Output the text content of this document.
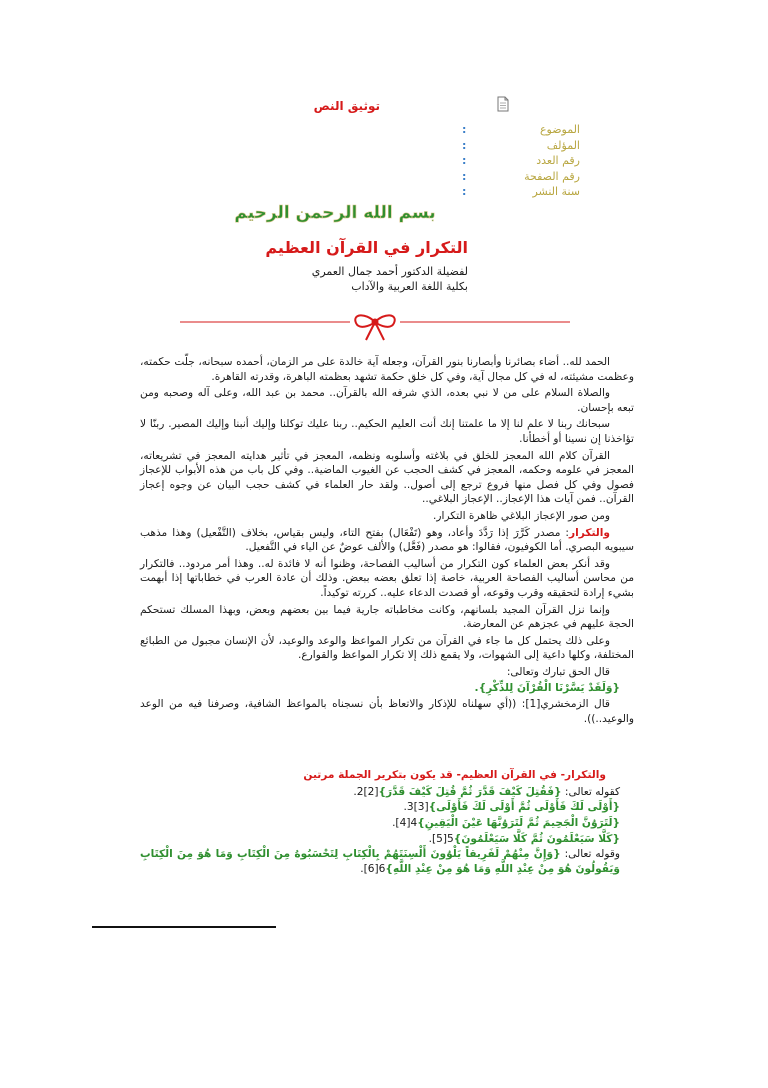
توثيق النص
الموضوع
:
المؤلف
:
رقم العدد
:
رقم الصفحة
:
سنة النشر
:
بسم الله الرحمن الرحيم
التكرار في القرآن العظيم
لفضيلة الدكتور أحمد جمال العمري
بكلية اللغة العربية والآداب

الحمد لله.. أضاء بصائرنا وأبصارنا بنور القرآن، وجعله آية خالدة على مر الزمان، أحمده سبحانه، جلّت حكمته، وعظمت مشيئته، له في كل مجال آية، وفي كل خلق حكمة تشهد بعظمته الباهرة، وقدرته القاهرة.

والصلاة السلام على من لا نبي بعده، الذي شرفه الله بالقرآن.. محمد بن عبد الله، وعلى آله وصحبه ومن تبعه بإحسان.

سبحانك ربنا لا علم لنا إلا ما علمتنا إنك أنت العليم الحكيم.. ربنا عليك توكلنا وإليك أنبنا وإليك المصير. ربنّا لا تؤاخذنا إن نسينا أو أخطأنا.

القرآن كلام الله المعجز للخلق في بلاغته وأسلوبه ونظمه، المعجز في تأثير هدايته المعجز في تشريعاته، المعجز في علومه وحكمه، المعجز في كشف الحجب عن الغيوب الماضية.. وفي كل باب من هذه الأبواب للإعجاز فصول وفي كل فصل منها فروع ترجع إلى أصول.. ولقد حار العلماء في كشف حجب البيان عن وجوه إعجاز القرآن.. فمن آيات هذا الإعجاز.. الإعجاز البلاغي..

ومن صور الإعجاز البلاغي ظاهرة التكرار.

والتكرار: مصدر كَرَّرَ إذا رَدَّدَ وأعاد، وهو (تَفْعَال) بفتح التاء، وليس بقياس، بخلاف (التَّفْعيل) وهذا مذهب سيبويه البصري. أما الكوفيون، فقالوا: هو مصدر (فَعَّل) والألف عوضٌ عن الياء في التَّفعيل.

وقد أنكر بعض العلماء كون التكرار من أساليب الفصاحة، وظنوا أنه لا فائدة له.. وهذا أمر مردود.. فالتكرار من محاسن أساليب الفصاحة العربية، خاصة إذا تعلق بعضه ببعض. وذلك أن عادة العرب في خطاباتها إذا أبهمت بشيء إرادة لتحقيقه وقرب وقوعه، أو قصدت الدعاء عليه.. كررته توكيداً.

وإنما نزل القرآن المجيد بلسانهم، وكانت مخاطباته جارية فيما بين بعضهم وبعض، وبهذا المسلك تستحكم الحجة عليهم في عجزهم عن المعارضة.

وعلى ذلك يحتمل كل ما جاء في القرآن من تكرار المواعظ والوعد والوعيد، لأن الإنسان مجبول من الطبائع المختلفة، وكلها داعية إلى الشهوات، ولا يقمع ذلك إلا تكرار المواعظ والقوارع.

قال الحق تبارك وتعالى:

{وَلَقَدْ يَسَّرْنَا الْقُرْآنَ لِلذِّكْرِ}.

قال الزمخشري[1]: ((أي سهلناه للإذكار والاتعاظ بأن نسجناه بالمواعظ الشافية، وصرفنا فيه من الوعد والوعيد..)).

والتكرار- في القرآن العظيم- قد يكون بتكرير الجملة مرتين
كقوله تعالى: {فَقُتِلَ كَيْفَ قَدَّرَ ثُمَّ قُتِلَ كَيْفَ قَدَّرَ}[2]2.
{أَوْلَى لَكَ فَأَوْلَى ثُمَّ أَوْلَى لَكَ فَأَوْلَى}[3]3.
{لَتَرَوُنَّ الْجَحِيمَ ثُمَّ لَتَرَوُنَّهَا عَيْنَ الْيَقِينِ}4[4].
{كَلَّا سَيَعْلَمُونَ ثُمَّ كَلَّا سَيَعْلَمُونَ}5[5].
وقوله تعالى: {وَإِنَّ مِنْهُمْ لَفَرِيقاً يَلْوُونَ أَلْسِنَتَهُمْ بِالْكِتَابِ لِتَحْسَبُوهُ مِنَ الْكِتَابِ وَمَا هُوَ مِنَ الْكِتَابِ وَيَقُولُونَ هُوَ مِنْ عِنْدِ اللَّهِ وَمَا هُوَ مِنْ عِنْدِ اللَّهِ}6[6].
